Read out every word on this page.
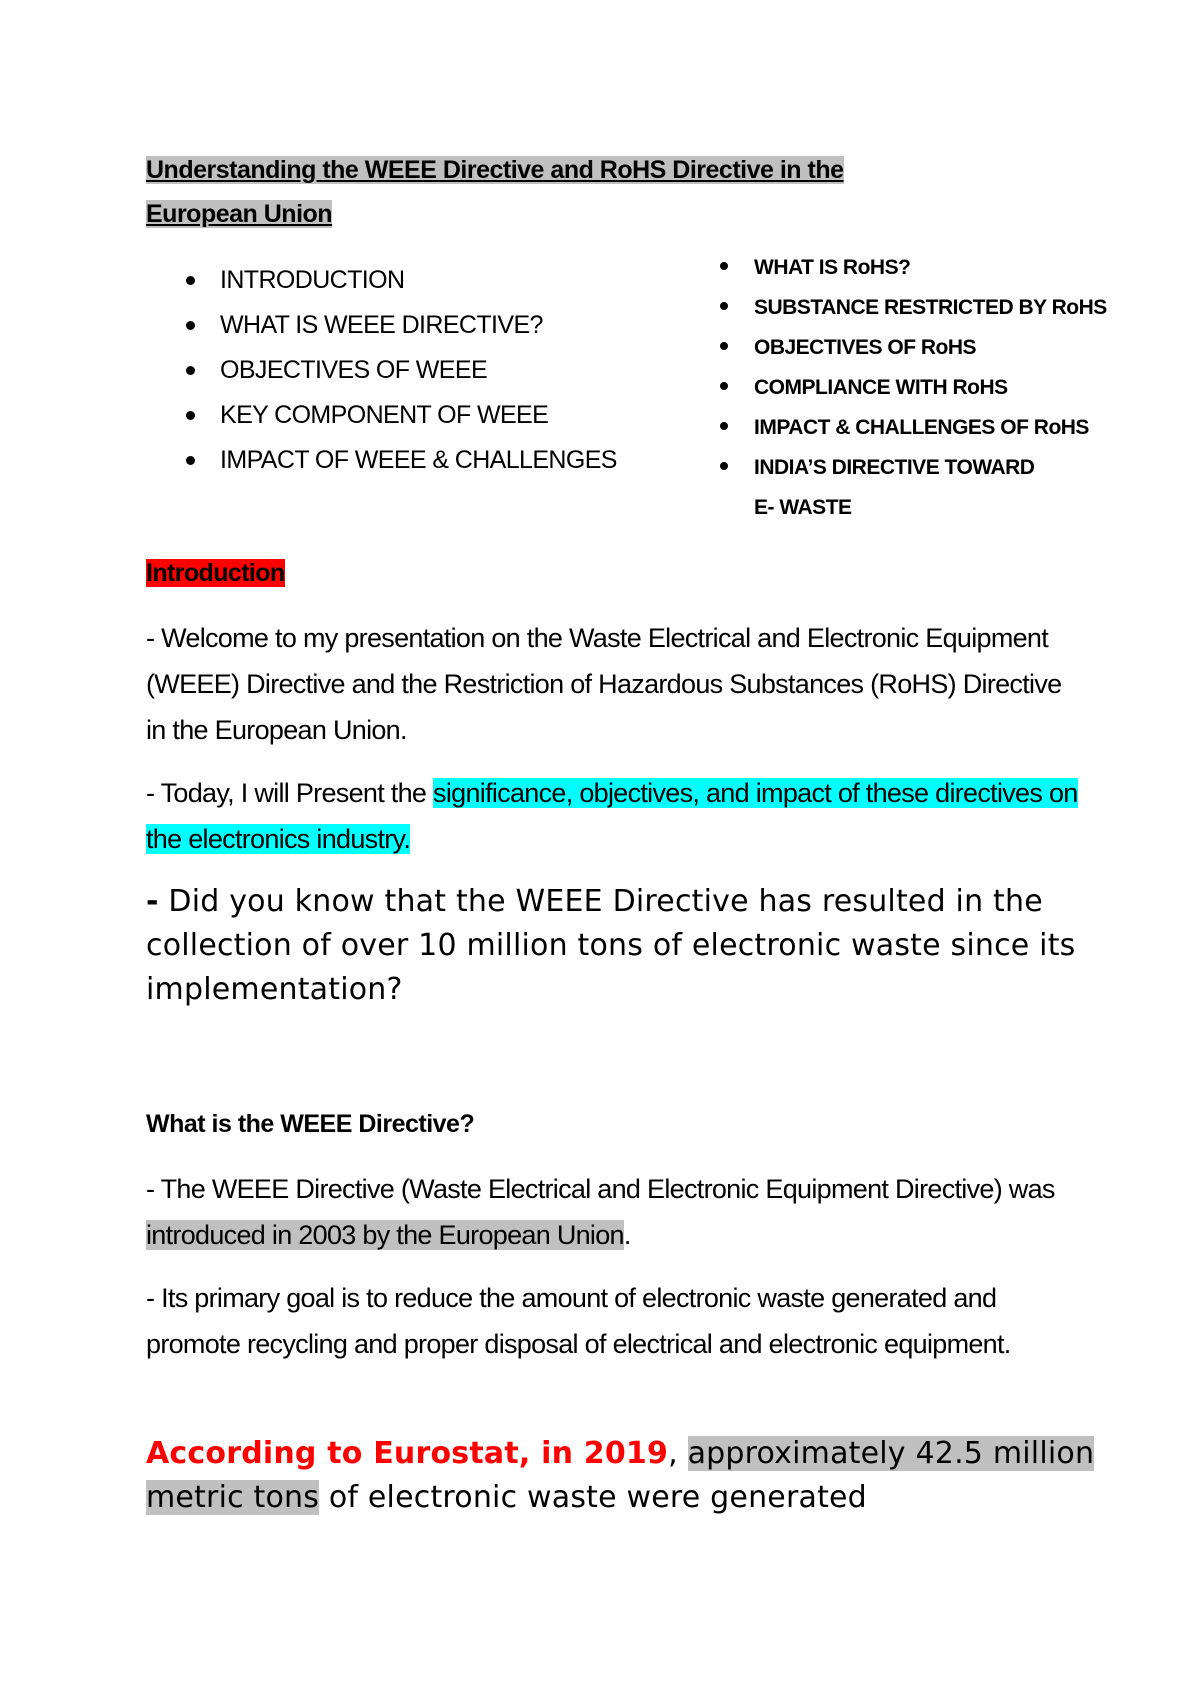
Understanding the WEEE Directive and RoHS Directive in the
European Union
INTRODUCTION
WHAT IS WEEE DIRECTIVE?
OBJECTIVES OF WEEE
KEY COMPONENT OF WEEE
IMPACT OF WEEE & CHALLENGES
WHAT IS RoHS?
SUBSTANCE RESTRICTED BY RoHS
OBJECTIVES OF RoHS
COMPLIANCE WITH RoHS
IMPACT & CHALLENGES OF RoHS
INDIA’S DIRECTIVE TOWARD
E- WASTE
Introduction
- Welcome to my presentation on the Waste Electrical and Electronic Equipment (WEEE) Directive and the Restriction of Hazardous Substances (RoHS) Directive in the European Union.
- Today, I will Present the significance, objectives, and impact of these directives on the electronics industry.
- Did you know that the WEEE Directive has resulted in the collection of over 10 million tons of electronic waste since its implementation?
What is the WEEE Directive?
- The WEEE Directive (Waste Electrical and Electronic Equipment Directive) was introduced in 2003 by the European Union.
- Its primary goal is to reduce the amount of electronic waste generated and promote recycling and proper disposal of electrical and electronic equipment.
According to Eurostat, in 2019, approximately 42.5 million metric tons of electronic waste were generated
